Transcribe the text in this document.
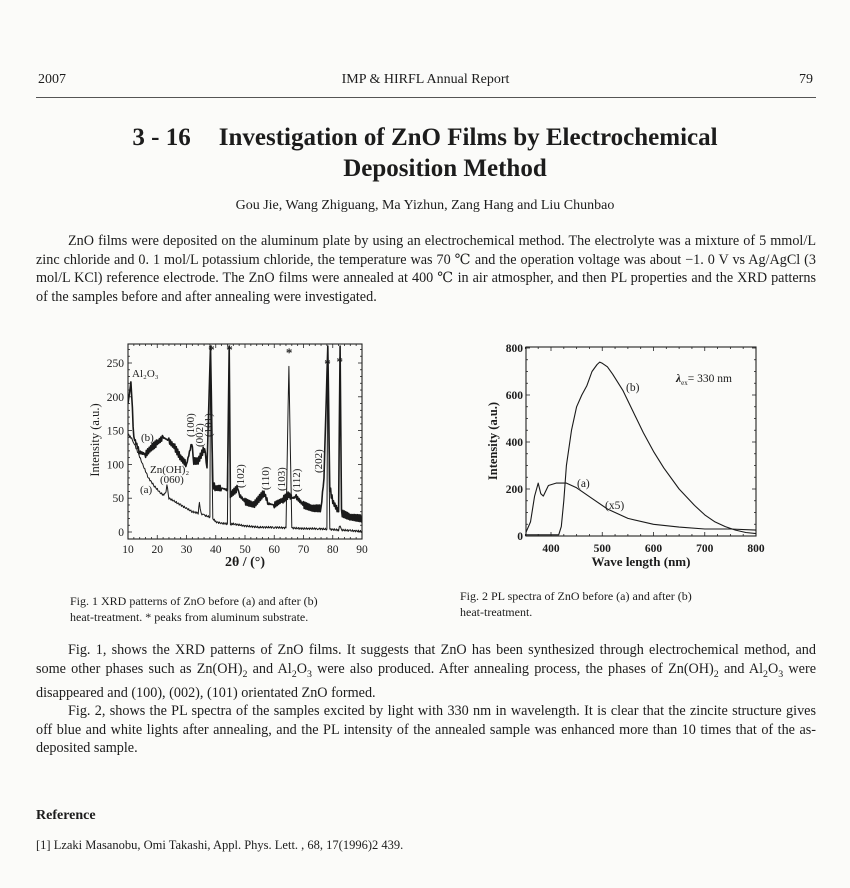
2007	IMP & HIRFL Annual Report	79
3 - 16 Investigation of ZnO Films by Electrochemical
Deposition Method
Gou Jie, Wang Zhiguang, Ma Yizhun, Zang Hang and Liu Chunbao

ZnO films were deposited on the aluminum plate by using an electrochemical method. The electrolyte was a mixture of 5 mmol/L zinc chloride and 0. 1 mol/L potassium chloride, the temperature was 70 ℃ and the operation voltage was about −1. 0 V vs Ag/AgCl (3 mol/L KCl) reference electrode. The ZnO films were annealed at 400 ℃ in air atmospher, and then PL properties and the XRD patterns of the samples before and after annealing were investigated.

10 20 30 40 50 60 70 80 90
0
50
100
150
200
250
* *	*
* *
Al₂O₃
(b)
Zn(OH)₂
(060)
(a)
(100)
(002)
(101)
(102) (110) (103) (112)
(202)
2θ / (°)
Intensity (a.u.)
400	500	600	700	800
0
200
400
600
800
(b)
(a)
(x5)
$\lambda_{ex}= 330$ nm
Wave length (nm)
Intensity (a.u.)
Fig. 1 XRD patterns of ZnO before (a) and after (b)
heat-treatment. * peaks from aluminum substrate.
Fig. 2 PL spectra of ZnO before (a) and after (b)
heat-treatment.

Fig. 1, shows the XRD patterns of ZnO films. It suggests that ZnO has been synthesized through electrochemical method, and some other phases such as $Zn(OH)_2$ and $Al_2O_3$ were also produced. After annealing process, the phases of $Zn(OH)_2$ and $Al_2O_3$ were disappeared and (100), (002), (101) orientated ZnO formed.

Fig. 2, shows the PL spectra of the samples excited by light with 330 nm in wavelength. It is clear that the zincite structure gives off blue and white lights after annealing, and the PL intensity of the annealed sample was enhanced more than 10 times that of the as-deposited sample.

Reference
[1] Lzaki Masanobu, Omi Takashi, Appl. Phys. Lett. , 68, 17(1996)2 439.
